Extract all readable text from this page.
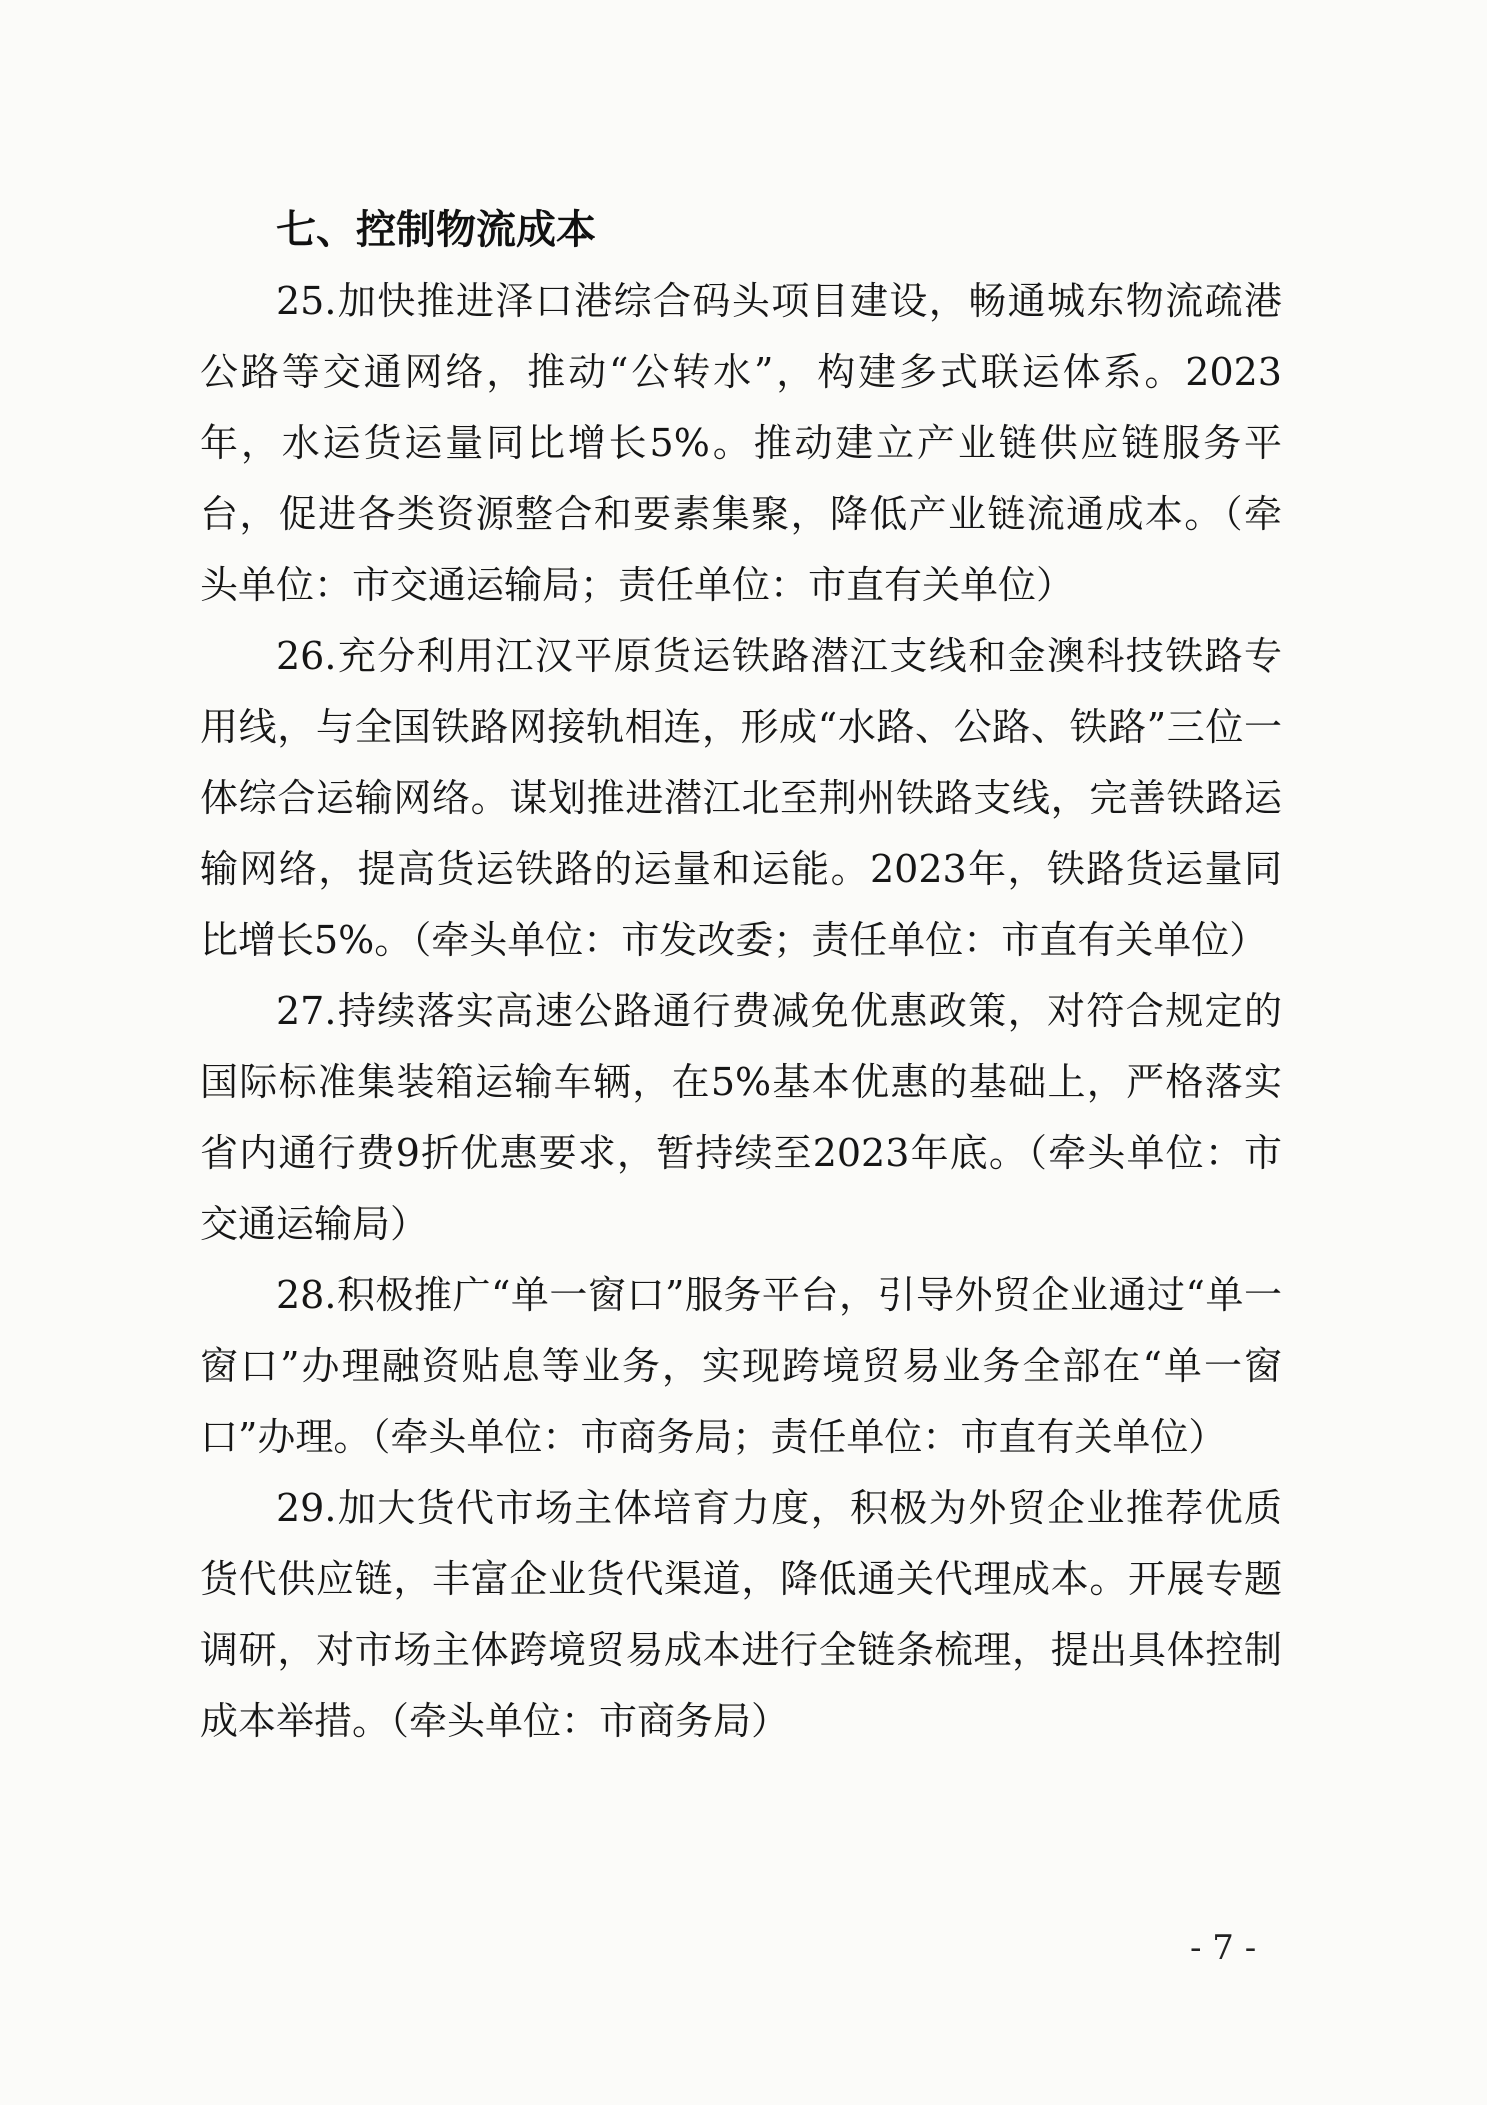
七、控制物流成本

25.加快推进泽口港综合码头项目建设，畅通城东物流疏港公路等交通网络，推动“公转水”，构建多式联运体系。2023年，水运货运量同比增长5%。推动建立产业链供应链服务平台，促进各类资源整合和要素集聚，降低产业链流通成本。（牵头单位：市交通运输局；责任单位：市直有关单位）

26.充分利用江汉平原货运铁路潜江支线和金澳科技铁路专用线，与全国铁路网接轨相连，形成“水路、公路、铁路”三位一体综合运输网络。谋划推进潜江北至荆州铁路支线，完善铁路运输网络，提高货运铁路的运量和运能。2023年，铁路货运量同比增长5%。（牵头单位：市发改委；责任单位：市直有关单位）

27.持续落实高速公路通行费减免优惠政策，对符合规定的国际标准集装箱运输车辆，在5%基本优惠的基础上，严格落实省内通行费9折优惠要求，暂持续至2023年底。（牵头单位：市交通运输局）

28.积极推广“单一窗口”服务平台，引导外贸企业通过“单一窗口”办理融资贴息等业务，实现跨境贸易业务全部在“单一窗口”办理。（牵头单位：市商务局；责任单位：市直有关单位）

29.加大货代市场主体培育力度，积极为外贸企业推荐优质货代供应链，丰富企业货代渠道，降低通关代理成本。开展专题调研，对市场主体跨境贸易成本进行全链条梳理，提出具体控制成本举措。（牵头单位：市商务局）

- 7 -
